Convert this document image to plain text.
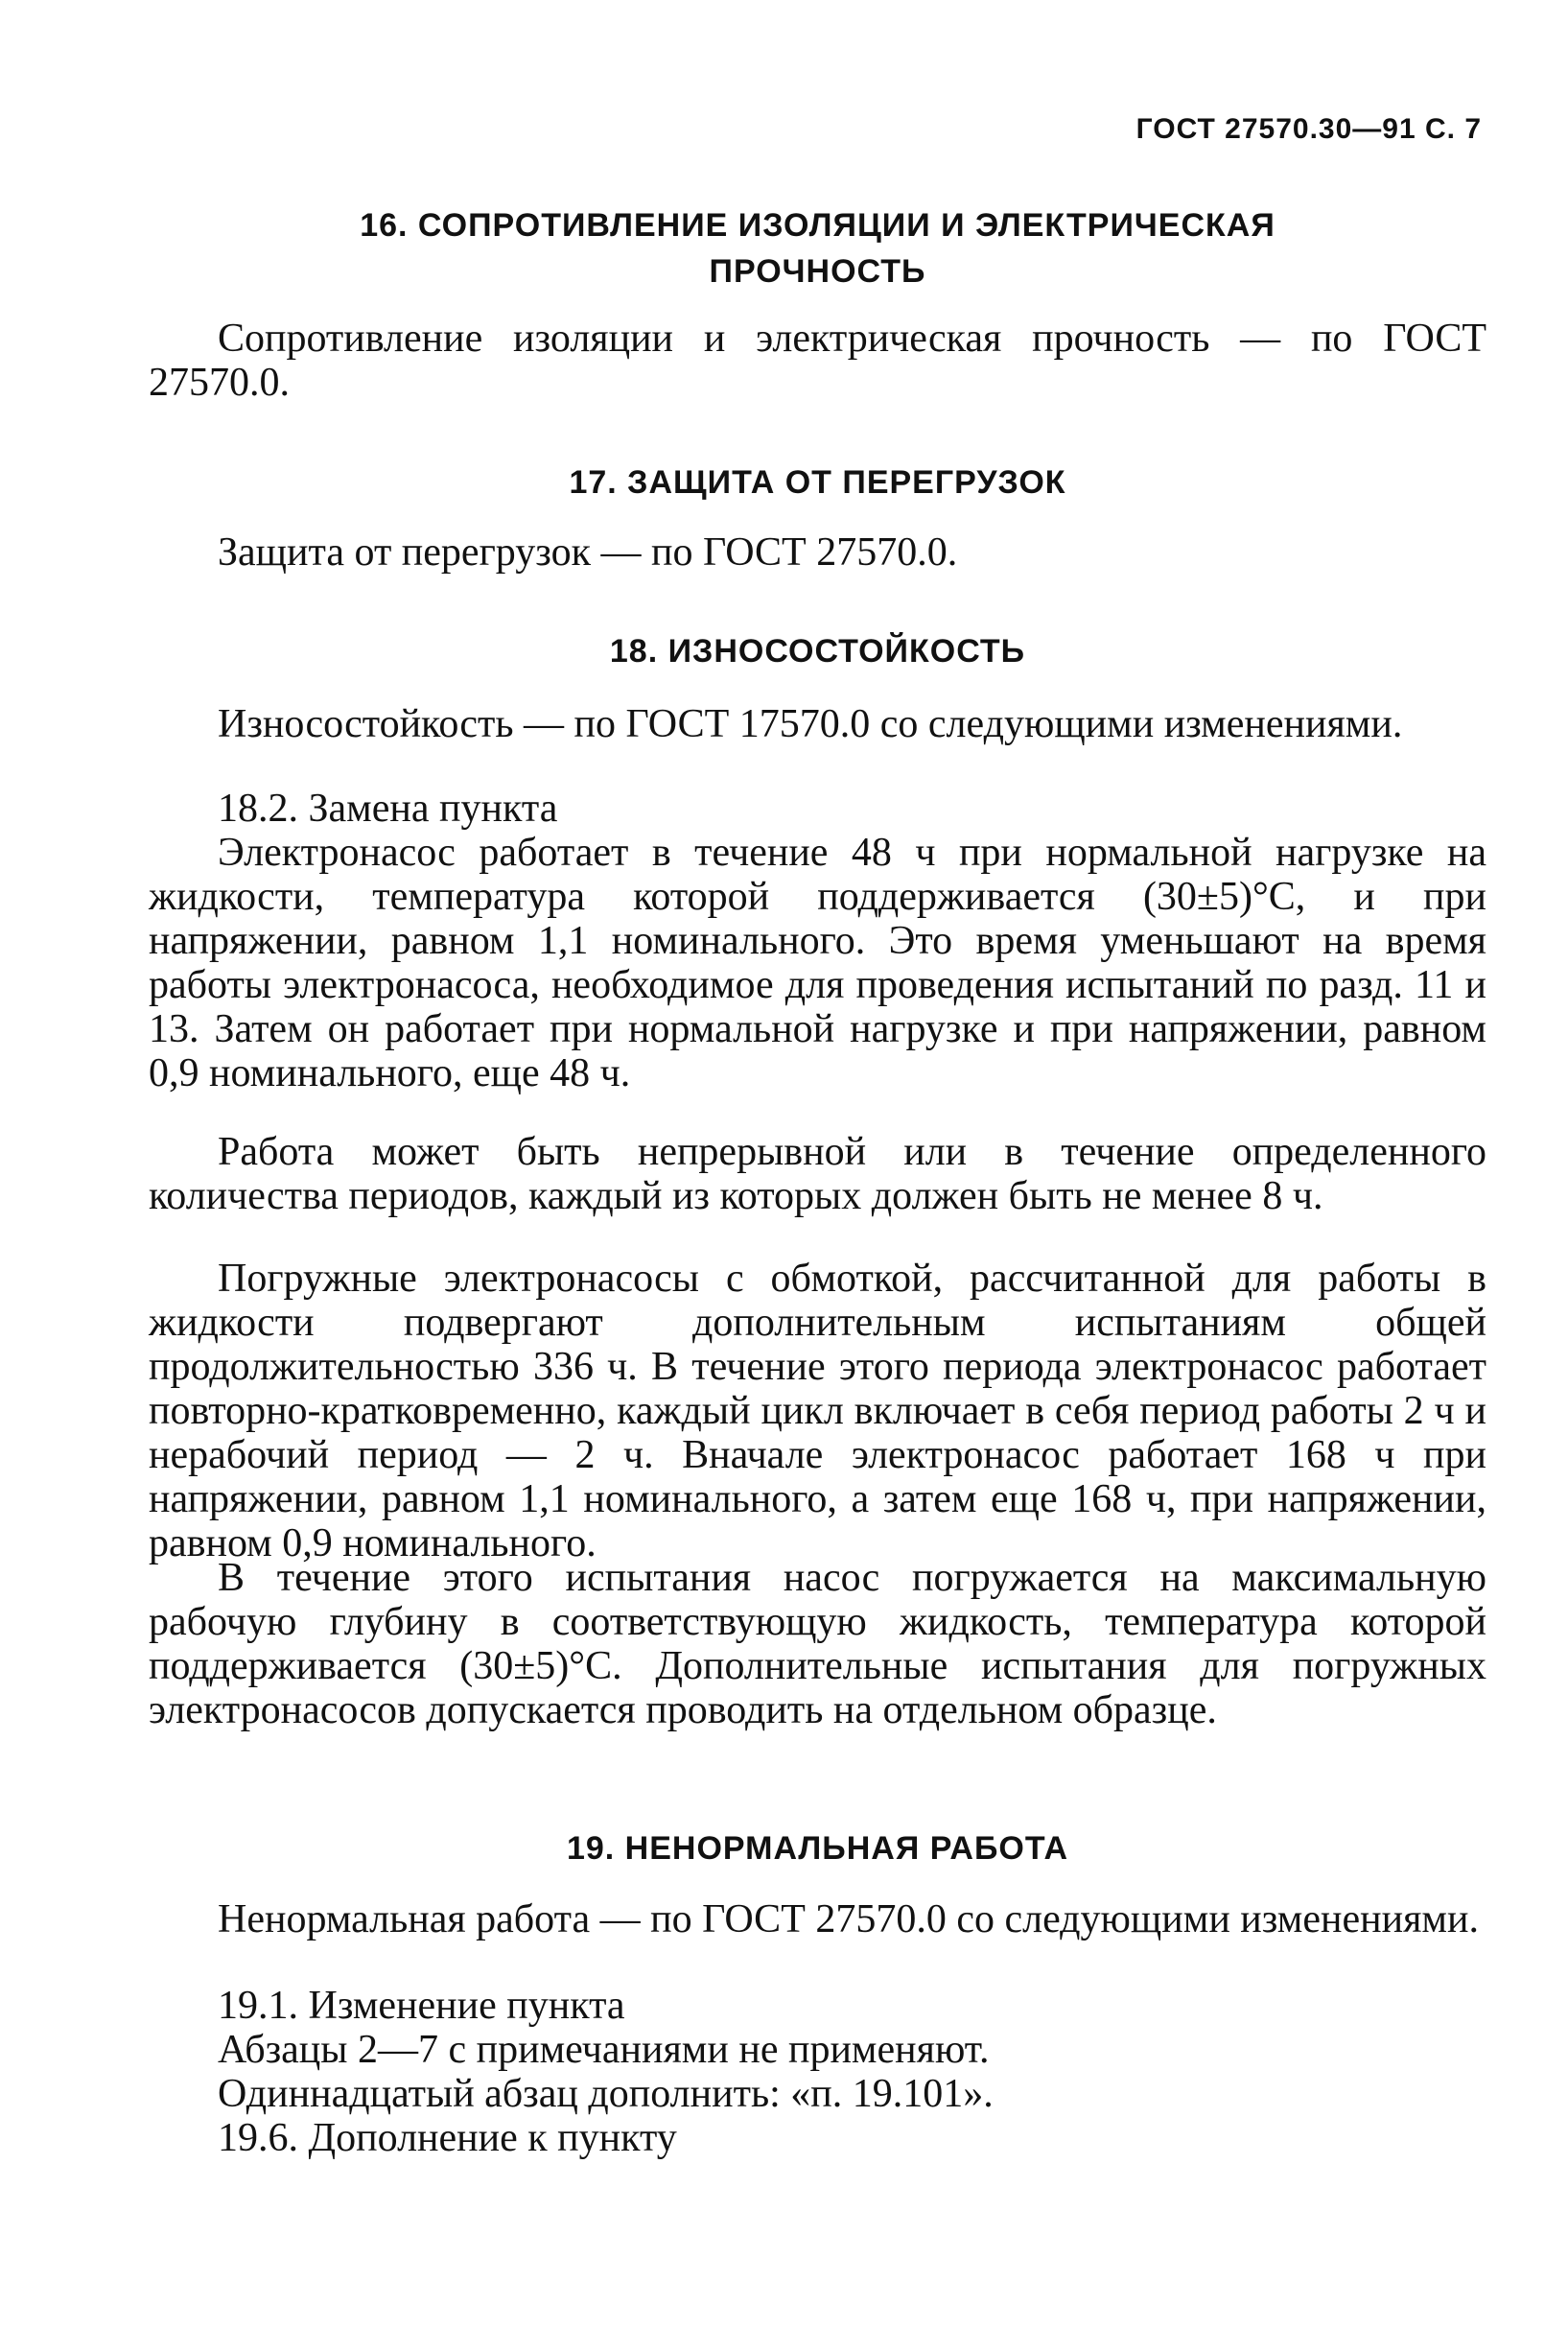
ГОСТ 27570.30—91 С. 7
16. СОПРОТИВЛЕНИЕ ИЗОЛЯЦИИ И ЭЛЕКТРИЧЕСКАЯ
ПРОЧНОСТЬ

Сопротивление изоляции и электрическая прочность — по ГОСТ 27570.0.

17. ЗАЩИТА ОТ ПЕРЕГРУЗОК

Защита от перегрузок — по ГОСТ 27570.0.

18. ИЗНОСОСТОЙКОСТЬ

Износостойкость — по ГОСТ 17570.0 со следующими изменениями.

18.2. Замена пункта

Электронасос работает в течение 48 ч при нормальной нагрузке на жидкости, температура которой поддерживается (30±5)°С, и при напряжении, равном 1,1 номинального. Это время уменьшают на время работы электронасоса, необходимое для проведения испытаний по разд. 11 и 13. Затем он работает при нормальной нагрузке и при напряжении, равном 0,9 номинального, еще 48 ч.

Работа может быть непрерывной или в течение определенного количества периодов, каждый из которых должен быть не менее 8 ч.

Погружные электронасосы с обмоткой, рассчитанной для работы в жидкости подвергают дополнительным испытаниям общей продолжительностью 336 ч. В течение этого периода электронасос работает повторно-кратковременно, каждый цикл включает в себя период работы 2 ч и нерабочий период — 2 ч. Вначале электронасос работает 168 ч при напряжении, равном 1,1 номинального, а затем еще 168 ч, при напряжении, равном 0,9 номинального.

В течение этого испытания насос погружается на максимальную рабочую глубину в соответствующую жидкость, температура которой поддерживается (30±5)°С. Дополнительные испытания для погружных электронасосов допускается проводить на отдельном образце.

19. НЕНОРМАЛЬНАЯ РАБОТА

Ненормальная работа — по ГОСТ 27570.0 со следующими изменениями.

19.1. Изменение пункта
Абзацы 2—7 с примечаниями не применяют.
Одиннадцатый абзац дополнить: «п. 19.101».
19.6. Дополнение к пункту
